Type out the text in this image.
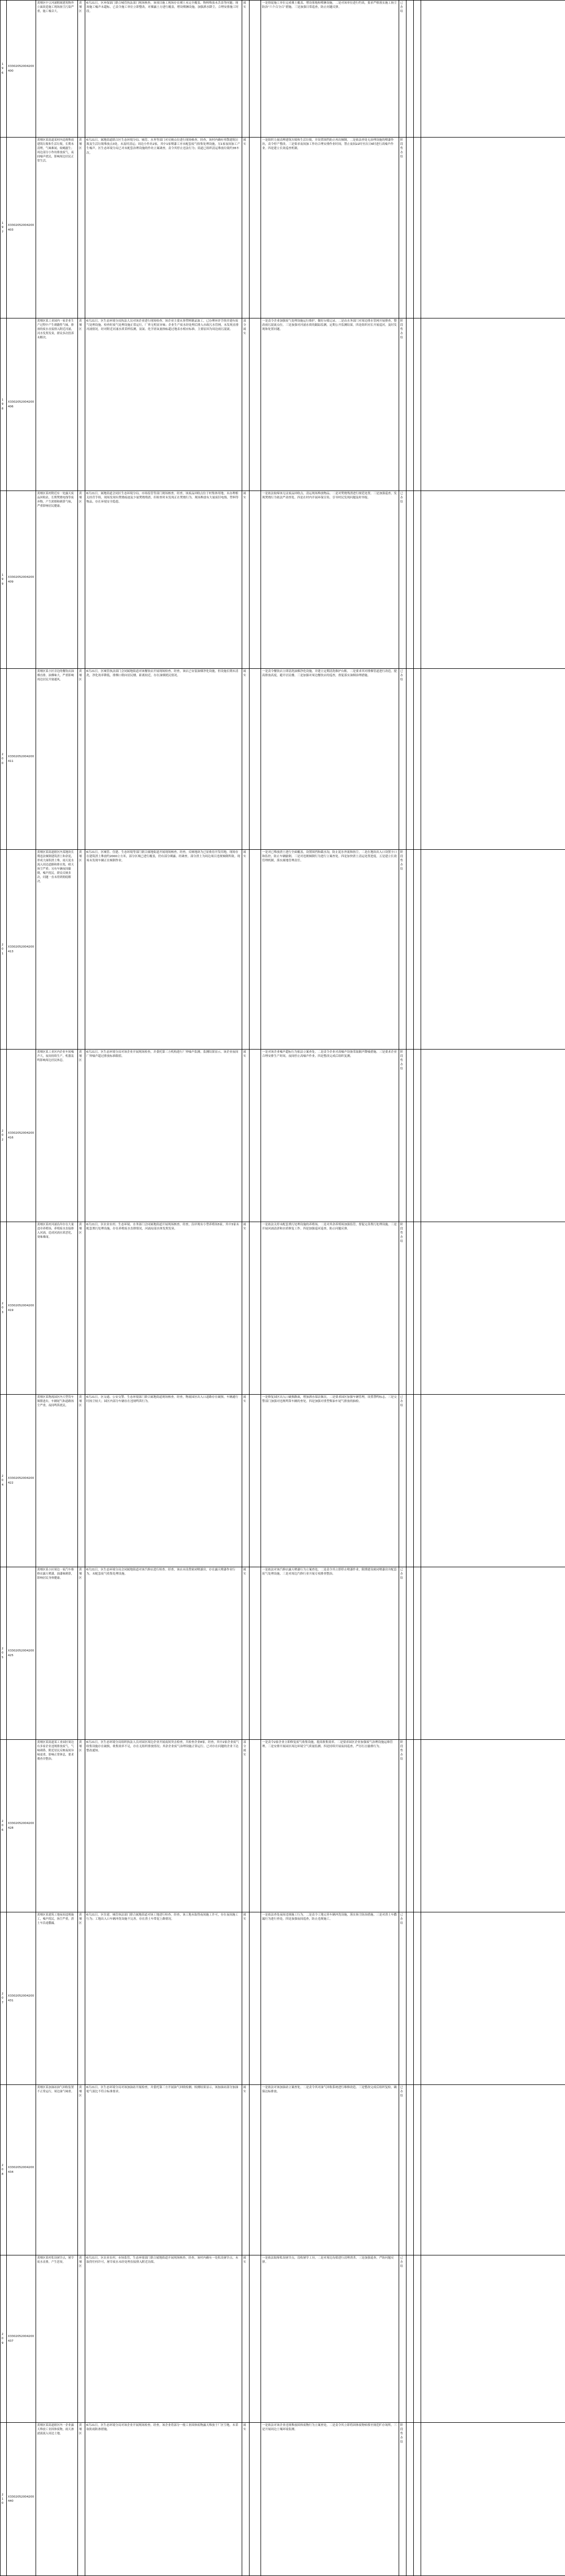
196	X3302052004200400	黄埔区中豆河涌附属建筑物外立面改造施工现场扬尘污染严重，施工噪音大。	黄埔区	6月21日，区环保部门联合城管执法部门现场核查，该项目施工现场存在裸土未完全覆盖、物料堆放未苫盖等问题；现场施工噪声未超标。已责令施工单位立即整改，对裸露土方进行覆盖，增设喷淋设施，加强洒水降尘，合理安排施工时段。	属实		一是督促施工单位完成裸土覆盖、增设雾炮和喷淋设施。二是对该单位进行约谈，要求严格落实施工扬尘防治“六个百分百”措施。三是加强日常巡查，防止问题反弹。	已办结			
197	X3302052004200403	黄埔区某街道某村内违规堆放建筑垃圾和生活垃圾，长期未清理，气味难闻，蚊蝇滋生；周边部分小作坊排放废气，夜间噪声扰民，影响周边居民正常生活。	黄埔区	6月21日，属地街道联合区生态环境分局、城管、水务等部门对反映点位进行现场核查。经查，该村内确有零散建筑垃圾及生活垃圾堆放点3处，未及时清运；周边小作坊2家，其中1家喷漆工序未配套废气收集处理设施，另1家夜间加工产生噪声。区生态环境分局已对未配套治理设施的作坊立案调查，责令其停止违法行为；街道已组织清运堆放垃圾约35车次。	属实		一是组织力量清理建筑垃圾和生活垃圾，并设置围挡防止再次倾倒。二是依法查处无治理设施的喷漆作坊，责令停产整改。三是要求夜间加工作坊合理安排作业时间，禁止夜间22时至次日6时进行高噪声作业。四是建立长效巡查机制。	阶段性办结			
198	X3302052004200406	黄埔区某工业园内一家企业生产过程中产生刺激性气味，排放的废水直接排入附近河涌，河水发黑发臭，群众多次投诉未解决。	黄埔区	6月21日，区生态环境分局执法人员对该企业进行现场检查。该企业主要从事塑料制品加工，已办理环评手续并建有废气处理设施。检查时废气处理设施正常运行，厂界无明显异味；企业生产废水经处理后排入市政污水管网，未发现直排河涌情况。经对附近河涌水质采样监测，氨氮、化学需氧量指标超过地表水相应标准，主要原因为周边雨污混流。	部分属实		一是责令企业加强废气处理设施运行维护，做好台账记录。二是由水务部门对周边排水管网开展排查，整改雨污混流点位。三是加强对河涌水质的跟踪监测，定期公开监测结果。四是组织河长开展巡河，及时发现和处置问题。	阶段性办结			
199	X3302052004200409	黄埔区某村附近有一处露天废品回收站，长期焚烧电线等废弃物，产生浓烟和刺鼻气味，严重影响居民健康。	黄埔区	6月21日，属地街道会同区生态环境分局、市场监管等部门现场核查。经查，该废品回收点位于村集体用地，未办理相关经营手续，现场发现有焚烧痕迹及少量焚烧残渣，但检查时未发现正在焚烧行为。现场堆放有大量废旧电线、塑料等物品，存在环境安全隐患。	属实		一是依法取缔该无证废品回收点，清运现场堆放物品。二是对焚烧残渣进行规范处置。三是加强巡查，发现焚烧行为依法严肃查处。四是在村内开展环保宣传，引导村民发现问题及时举报。	已办结			
200	X3302052004200411	黄埔区某小区旁边的餐饮店油烟直排，油烟味大，严重影响周边居民开窗通风。	黄埔区	6月21日，区城管执法部门会同属地街道对该餐饮店开展现场检查。经查，该店已安装油烟净化设施，但设施长期未清洗，净化效率降低，排烟口朝向居民楼，距离较近，存在油烟扰民情况。	属实		一是责令餐饮店立即清洗油烟净化设施，并建立定期清洗维护台账。二是要求其对排烟管道进行改造，提高排放高度，避开居民楼。三是加强对周边餐饮店的巡查，督促落实油烟治理措施。	已办结			
201	X3302052004200413	黄埔区某街道辖区内某地块长期违法倾倒建筑渣土和余泥，形成大面积渣土堆，雨天泥水流入周边道路和排水渠，晴天扬尘严重；另有车辆夜间偷倒，噪声扰民。群众反映多次，问题一直未得到彻底解决。	黄埔区	6月21日，区城管、住建、生态环境等部门联合属地街道开展现场核查。经查，反映地块为已征收待开发用地，现场存在建筑渣土堆放约2000立方米，部分区域已进行覆盖，仍有部分裸露。经调查，部分渣土为周边项目违规倾倒所致。现场未发现车辆正在倾倒作业。	属实		一是对已堆放渣土进行全面覆盖，设置围挡和截水沟，防止泥水外流和扬尘。二是在地块出入口设置卡口和监控，防止车辆偷倒。三是对违规倾倒行为进行立案查处。四是加快渣土清运处置进度。五是建立长效管理机制，落实属地管理责任。	阶段性办结			
202	X3302052004200416	黄埔区某工业区内企业车间噪声大，夜间持续生产，机器轰鸣影响周边居民休息。	黄埔区	6月21日，区生态环境分局对该企业开展现场检查，并委托第三方机构进行厂界噪声监测。监测结果显示，该企业夜间厂界噪声超过排放标准限值。	属实		一是对该企业噪声超标行为依法立案查处。二是责令企业对高噪声设备采取隔声降噪措施。三是要求企业合理安排生产时间，夜间停止高噪声作业。四是整改完成后组织复测。	阶段性办结			
203	X3302052004200419	黄埔区某村河涌沿岸存在大量违章养殖场，养殖废水直接排入河涌，造成河涌水质恶化，臭味难闻。	黄埔区	6月21日，区农业农村、生态环境、水务部门会同属地街道开展现场核查。经查，沿岸现有小型养殖场5家，其中3家未配套粪污处理设施，存在养殖废水直排情况，河涌局部水体发黑发臭。	属实		一是依法关停未配套粪污处理设施的养殖场。二是对其余养殖场加强监管，督促完善粪污处理设施。三是开展河涌清淤和水质修复工作。四是加强巡河巡查，防止问题反弹。	阶段性办结			
204	X3302052004200422	黄埔区某物流园区内大型货车频繁进出，车辆尾气和道路扬尘严重，夜间鸣笛扰民。	黄埔区	6月21日，区交通、公安交警、生态环境部门联合属地街道现场核查。经查，物流园区出入口道路存在破损，车辆通行时扬尘较大；园区内部分车辆存在违规鸣笛行为。	属实		一是修复园区出入口破损路面，增加洒水保洁频次。二是要求园区加强车辆管理，设置禁鸣标志。三是交警部门加强对违规鸣笛车辆的查处。四是加强对重型柴油车尾气排放的抽检。	已办结			
205	X3302052004200425	黄埔区某小区周边一家汽车维修店露天喷漆，油漆味刺鼻，影响居民身体健康。	黄埔区	6月21日，区生态环境分局会同属地街道对该汽修店进行检查。经查，该店未设置密闭喷漆房，存在露天喷漆作业行为，未配套废气收集处理设施。	属实		一是依法对该汽修店露天喷漆行为立案查处。二是责令其立即停止喷漆作业，限期建设密闭喷漆房并配套废气处理设施。三是对周边汽修行业开展专项排查整治。	已办结			
206	X3302052004200428	黄埔区某街道某工业园区周边有多家企业违规排放废气，气味刺鼻，附近居民反映夜间异味更重，影响正常休息，要求彻查并整治。	黄埔区	6月21日，区生态环境分局组织执法人员对园区周边企业开展夜间突击检查，共检查企业8家。经查，其中2家企业废气收集设施存在破损，收集效率不足，存在无组织排放情况；其余企业废气治理设施正常运行。已对存在问题的企业下达整改通知。	部分属实		一是责令2家企业立即修复废气收集设施，提高收集效率。二是要求园区企业加强废气治理设施运维管理。三是安排开展园区周边环境空气质量监测。四是持续开展夜间巡查，严厉打击偷排行为。	阶段性办结			
207	X3302052004200431	黄埔区某建筑工地夜间违规施工，噪声扰民，扬尘严重，渣土车沿途撒漏。	黄埔区	6月21日，区住建、城管执法部门联合属地街道对该工地进行检查。经查，该工地未取得夜间施工许可，存在夜间施工行为；工地出入口车辆冲洗设施不完善，存在渣土车带泥上路情况。	属实		一是依法查处夜间违规施工行为。二是责令工地完善车辆冲洗设施，落实扬尘防治措施。三是对渣土车撒漏行为进行查处。四是加强夜间巡查，防止违规施工。	已办结			
208	X3302052004200434	黄埔区某加油站油气回收装置不正常运行，周边油气味重。	黄埔区	6月21日，区生态环境分局对该加油站开展检查，并委托第三方开展油气回收检测。检测结果显示，该加油站部分加油枪气液比不符合标准要求。	属实		一是依法对该加油站立案查处。二是责令其对油气回收系统进行维修改造。三是整改完成后组织复检，确保达标排放。	已办结			
209	X3302052004200437	黄埔区某村私设屠宰点，屠宰废水直排，产生恶臭。	黄埔区	6月21日，区农业农村、市场监管、生态环境部门联合属地街道开展现场核查。经查，该村内确有一处私设屠宰点，未取得任何许可，屠宰废水未经处理直接排入附近沟渠。	属实		一是依法取缔私设屠宰点，没收屠宰工具。二是对周边沟渠进行清理消杀。三是加强巡查，严防问题反弹。	已办结			
210	X3302052004200440	黄埔区某街道辖区内一企业露天堆放工业固体废物，雨天渗滤液流入周边土地。	黄埔区	6月21日，区生态环境分局对该企业开展现场检查。经查，该企业将部分一般工业固体废物露天堆放于厂区空地，未采取防雨防渗措施。	属实		一是依法对该企业违规堆放固体废物行为立案查处。二是责令其立即将固体废物转移至规范贮存场所。三是开展周边土壤环境监测。	阶段性办结			
